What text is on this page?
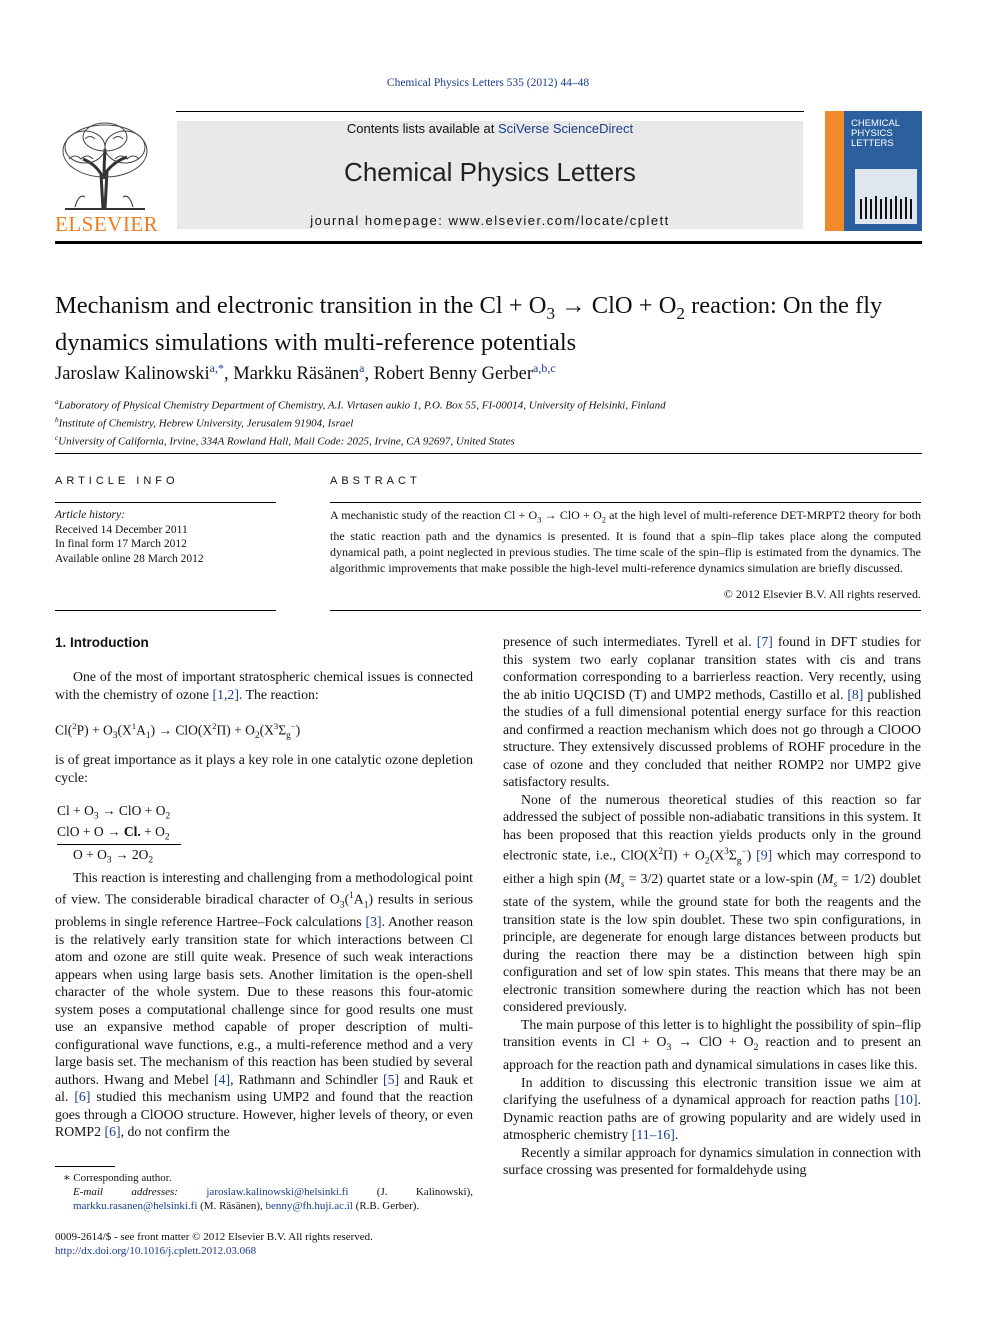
Chemical Physics Letters 535 (2012) 44–48
ELSEVIER
Contents lists available at SciVerse ScienceDirect
Chemical Physics Letters
journal homepage: www.elsevier.com/locate/cplett
CHEMICAL
PHYSICS
LETTERS
Mechanism and electronic transition in the $Cl + O_3$ → ClO + $O_2$ reaction: On the fly dynamics simulations with multi-reference potentials
Jaroslaw Kalinowski$^{a,*}$, Markku Räsänen$^a$, Robert Benny Gerber$^{a,b,c}$
$^a$Laboratory of Physical Chemistry Department of Chemistry, A.I. Virtasen aukio 1, P.O. Box 55, FI-00014, University of Helsinki, Finland
$^b$Institute of Chemistry, Hebrew University, Jerusalem 91904, Israel
$^c$University of California, Irvine, 334A Rowland Hall, Mail Code: 2025, Irvine, CA 92697, United States
ARTICLE INFO
Article history:
Received 14 December 2011
In final form 17 March 2012
Available online 28 March 2012
ABSTRACT
A mechanistic study of the reaction $Cl + O_3$ → ClO + $O_2$ at the high level of multi-reference DET-MRPT2 theory for both the static reaction path and the dynamics is presented. It is found that a spin–flip takes place along the computed dynamical path, a point neglected in previous studies. The time scale of the spin–flip is estimated from the dynamics. The algorithmic improvements that make possible the high-level multi-reference dynamics simulation are briefly discussed.
© 2012 Elsevier B.V. All rights reserved.
1. Introduction

One of the most of important stratospheric chemical issues is connected with the chemistry of ozone [1,2]. The reaction:

$Cl(^2P) + O_3(X^1A_1) \to ClO(X^2\Pi) + O_2(X^3\Sigma_g^-)$
is of great importance as it plays a key role in one catalytic ozone depletion cycle:
$Cl + O_3$ → ClO + $O_2$
ClO + O → Cl. + $O_2$
$O + O_3 \to 2O_2$

This reaction is interesting and challenging from a methodological point of view. The considerable biradical character of $O_3(^1A_1)$ results in serious problems in single reference Hartree–Fock calculations [3]. Another reason is the relatively early transition state for which interactions between Cl atom and ozone are still quite weak. Presence of such weak interactions appears when using large basis sets. Another limitation is the open-shell character of the whole system. Due to these reasons this four-atomic system poses a computational challenge since for good results one must use an expansive method capable of proper description of multi-configurational wave functions, e.g., a multi-reference method and a very large basis set. The mechanism of this reaction has been studied by several authors. Hwang and Mebel [4], Rathmann and Schindler [5] and Rauk et al. [6] studied this mechanism using UMP2 and found that the reaction goes through a ClOOO structure. However, higher levels of theory, or even ROMP2 [6], do not confirm the

∗ Corresponding author.
E-mail addresses:	jaroslaw.kalinowski@helsinki.fi (J. Kalinowski), markku.rasanen@helsinki.fi (M. Räsänen), benny@fh.huji.ac.il (R.B. Gerber).
0009-2614/$ - see front matter © 2012 Elsevier B.V. All rights reserved.
http://dx.doi.org/10.1016/j.cplett.2012.03.068

presence of such intermediates. Tyrell et al. [7] found in DFT studies for this system two early coplanar transition states with cis and trans conformation corresponding to a barrierless reaction. Very recently, using the ab initio UQCISD (T) and UMP2 methods, Castillo et al. [8] published the studies of a full dimensional potential energy surface for this reaction and confirmed a reaction mechanism which does not go through a ClOOO structure. They extensively discussed problems of ROHF procedure in the case of ozone and they concluded that neither ROMP2 nor UMP2 give satisfactory results.

None of the numerous theoretical studies of this reaction so far addressed the subject of possible non-adiabatic transitions in this system. It has been proposed that this reaction yields products only in the ground electronic state, i.e., $ClO(X^2\Pi) + O_2(X^3\Sigma_g^-)$ [9] which may correspond to either a high spin $(M_s = 3/2)$ quartet state or a low-spin $(M_s = 1/2)$ doublet state of the system, while the ground state for both the reagents and the transition state is the low spin doublet. These two spin configurations, in principle, are degenerate for enough large distances between products but during the reaction there may be a distinction between high spin configuration and set of low spin states. This means that there may be an electronic transition somewhere during the reaction which has not been considered previously.

The main purpose of this letter is to highlight the possibility of spin–flip transition events in $Cl + O_3$ → ClO + $O_2$ reaction and to present an approach for the reaction path and dynamical simulations in cases like this.

In addition to discussing this electronic transition issue we aim at clarifying the usefulness of a dynamical approach for reaction paths [10]. Dynamic reaction paths are of growing popularity and are widely used in atmospheric chemistry [11–16].

Recently a similar approach for dynamics simulation in connection with surface crossing was presented for formaldehyde using
